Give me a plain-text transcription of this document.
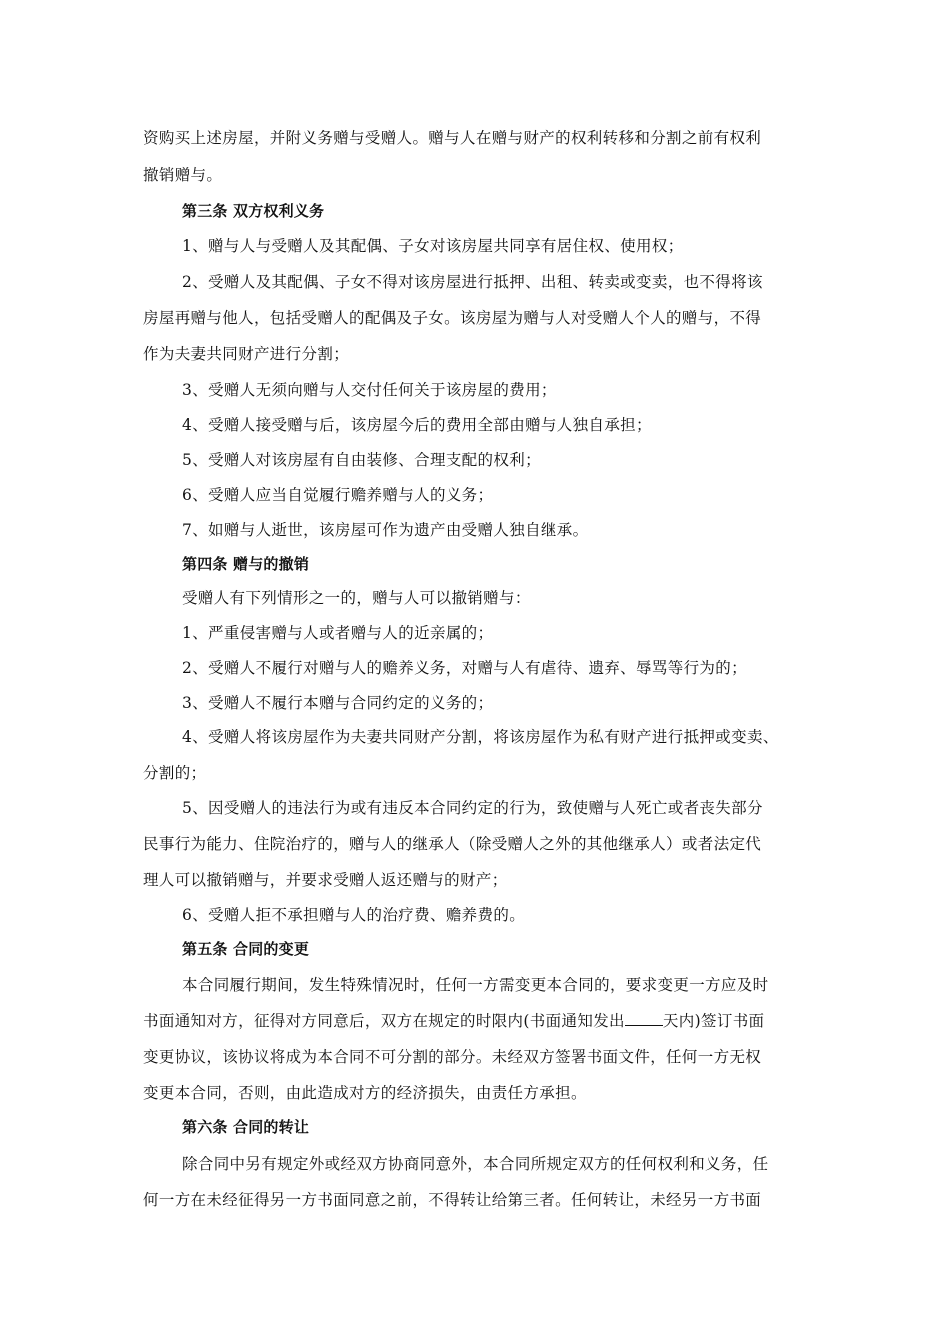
资购买上述房屋，并附义务赠与受赠人。赠与人在赠与财产的权利转移和分割之前有权利
撤销赠与。
第三条 双方权利义务
1、赠与人与受赠人及其配偶、子女对该房屋共同享有居住权、使用权；
2、受赠人及其配偶、子女不得对该房屋进行抵押、出租、转卖或变卖，也不得将该
房屋再赠与他人，包括受赠人的配偶及子女。该房屋为赠与人对受赠人个人的赠与，不得
作为夫妻共同财产进行分割；
3、受赠人无须向赠与人交付任何关于该房屋的费用；
4、受赠人接受赠与后，该房屋今后的费用全部由赠与人独自承担；
5、受赠人对该房屋有自由装修、合理支配的权利；
6、受赠人应当自觉履行赡养赠与人的义务；
7、如赠与人逝世，该房屋可作为遗产由受赠人独自继承。
第四条 赠与的撤销
受赠人有下列情形之一的，赠与人可以撤销赠与：
1、严重侵害赠与人或者赠与人的近亲属的；
2、受赠人不履行对赠与人的赡养义务，对赠与人有虐待、遗弃、辱骂等行为的；
3、受赠人不履行本赠与合同约定的义务的；
4、受赠人将该房屋作为夫妻共同财产分割，将该房屋作为私有财产进行抵押或变卖、
分割的；
5、因受赠人的违法行为或有违反本合同约定的行为，致使赠与人死亡或者丧失部分
民事行为能力、住院治疗的，赠与人的继承人（除受赠人之外的其他继承人）或者法定代
理人可以撤销赠与，并要求受赠人返还赠与的财产；
6、受赠人拒不承担赠与人的治疗费、赡养费的。
第五条 合同的变更
本合同履行期间，发生特殊情况时，任何一方需变更本合同的，要求变更一方应及时
书面通知对方，征得对方同意后，双方在规定的时限内(书面通知发出 天内)签订书面
变更协议，该协议将成为本合同不可分割的部分。未经双方签署书面文件，任何一方无权
变更本合同，否则，由此造成对方的经济损失，由责任方承担。
第六条 合同的转让
除合同中另有规定外或经双方协商同意外，本合同所规定双方的任何权利和义务，任
何一方在未经征得另一方书面同意之前，不得转让给第三者。任何转让，未经另一方书面
